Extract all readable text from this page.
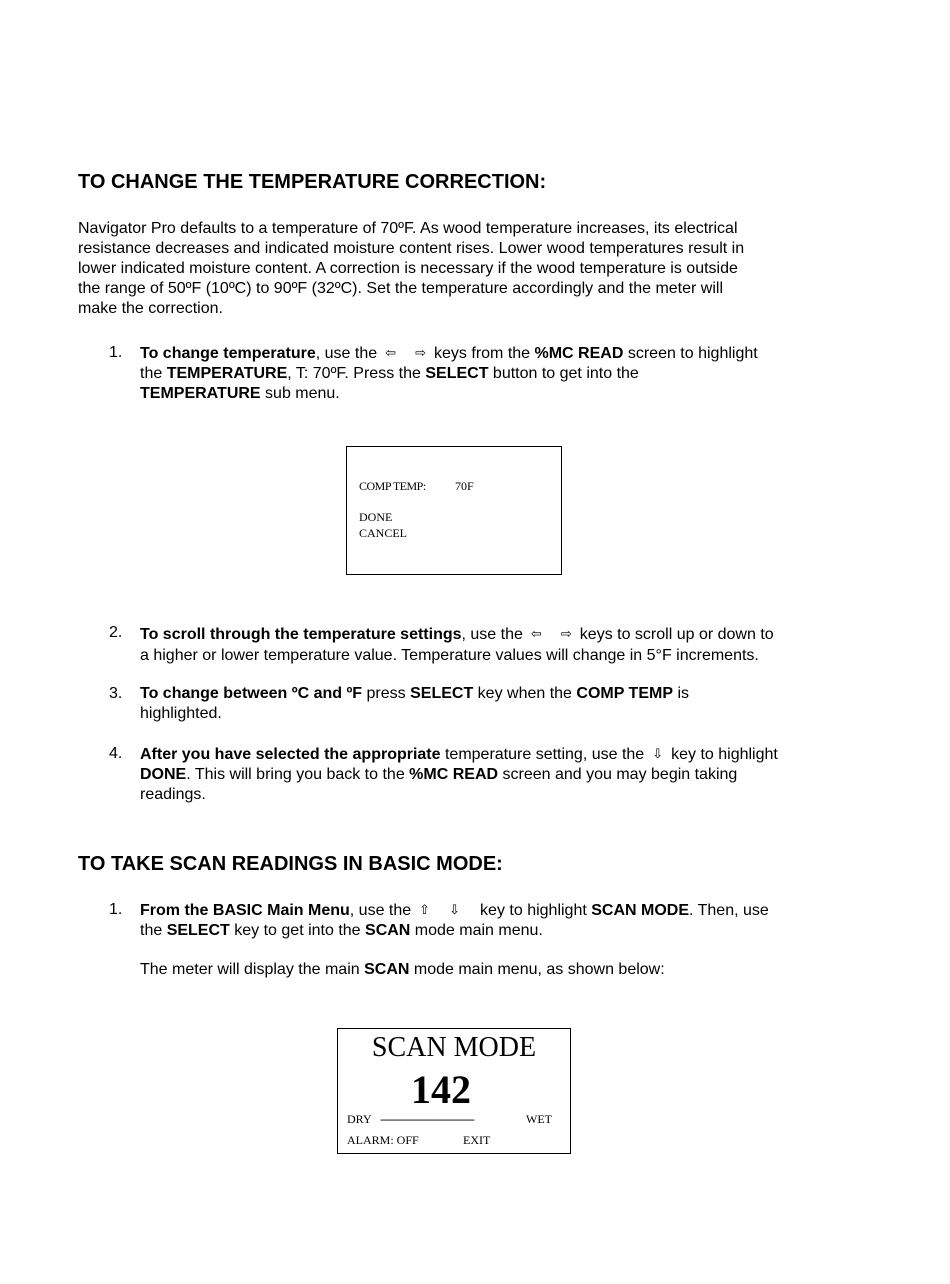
TO CHANGE THE TEMPERATURE CORRECTION:
Navigator Pro defaults to a temperature of 70ºF. As wood temperature increases, its electrical
resistance decreases and indicated moisture content rises. Lower wood temperatures result in
lower indicated moisture content. A correction is necessary if the wood temperature is outside
the range of 50ºF (10ºC) to 90ºF (32ºC). Set the temperature accordingly and the meter will
make the correction.
1. To change temperature, use the ⇦ ⇨ keys from the %MC READ screen to highlight
the TEMPERATURE, T: 70ºF. Press the SELECT button to get into the
TEMPERATURE sub menu.
COMP TEMP: 70F
DONE
CANCEL
2. To scroll through the temperature settings, use the ⇦ ⇨ keys to scroll up or down to
a higher or lower temperature value. Temperature values will change in 5°F increments.
3. To change between ºC and ºF press SELECT key when the COMP TEMP is
highlighted.
4. After you have selected the appropriate temperature setting, use the ⇩ key to highlight
DONE. This will bring you back to the %MC READ screen and you may begin taking
readings.
TO TAKE SCAN READINGS IN BASIC MODE:
1. From the BASIC Main Menu, use the ⇧ ⇩ key to highlight SCAN MODE. Then, use
the SELECT key to get into the SCAN mode main menu.
The meter will display the main SCAN mode main menu, as shown below:
SCAN MODE
142
DRY ------------------------------------	WET
ALARM: OFF	EXIT
